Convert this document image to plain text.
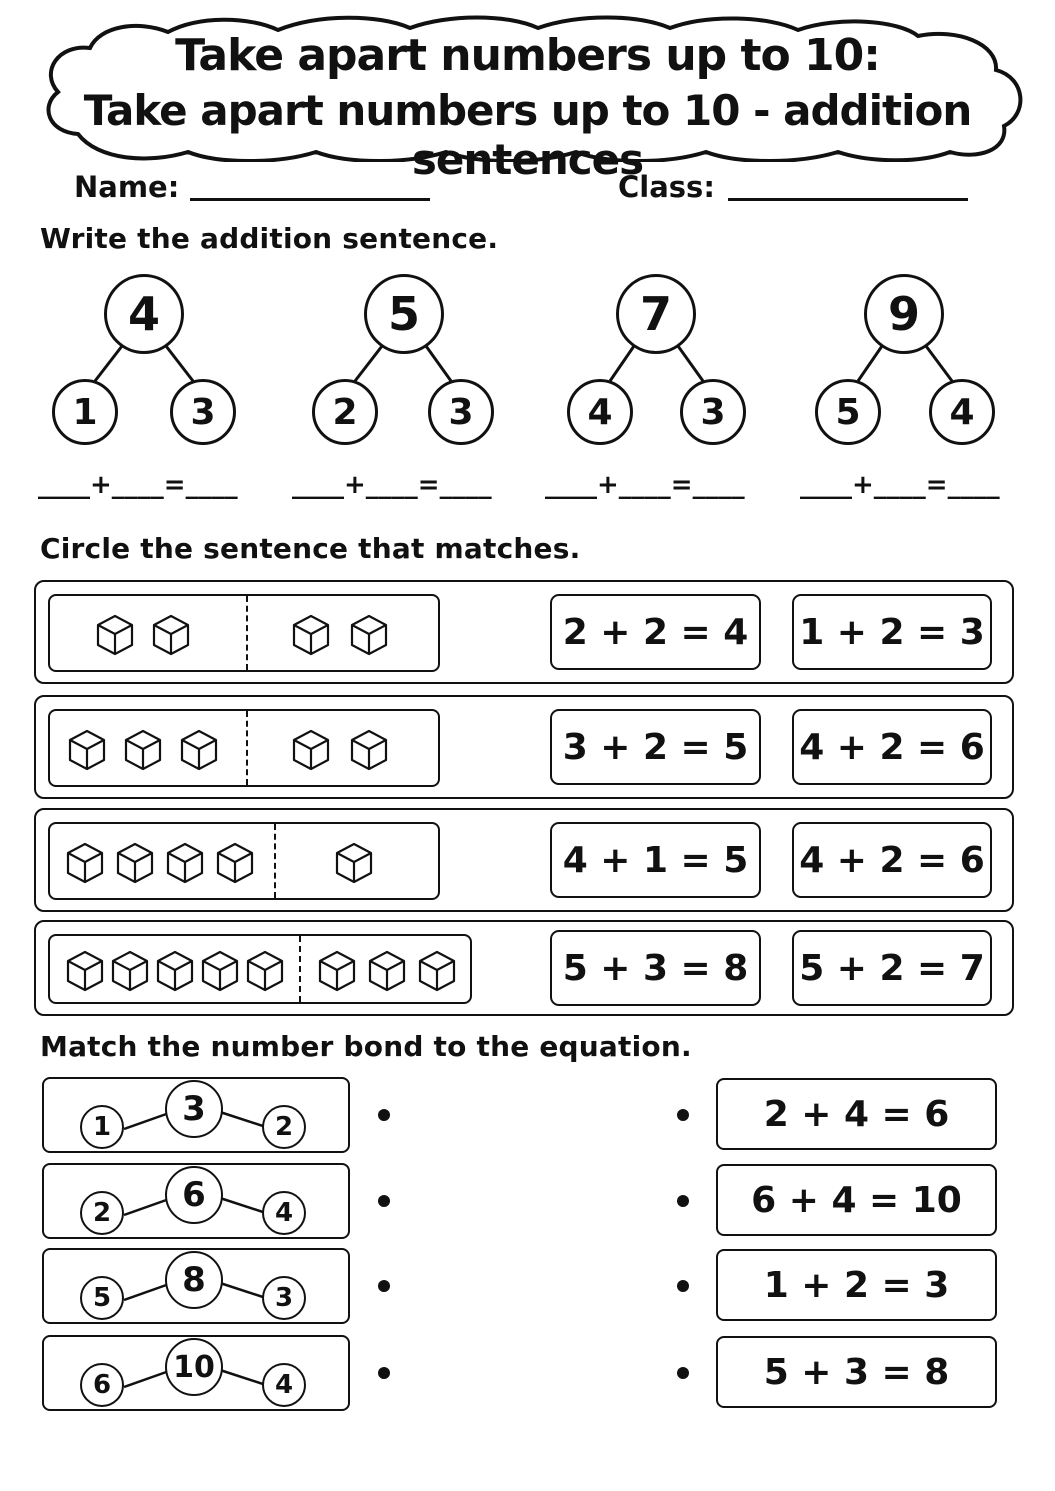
Take apart numbers up to 10:
Take apart numbers up to 10 - addition sentences
Name:	Class:
Write the addition sentence.
4
1	3
____+____=____
5
2	3
____+____=____
7
4	3
____+____=____
9
5	4
____+____=____
Circle the sentence that matches.
2 + 2 = 4	1 + 2 = 3
3 + 2 = 5	4 + 2 = 6
4 + 1 = 5	4 + 2 = 6
5 + 3 = 8	5 + 2 = 7
Match the number bond to the equation.
3
1	2	2 + 4 = 6
6
2	4	6 + 4 = 10
8
5	3	1 + 2 = 3
10
6	4	5 + 3 = 8
